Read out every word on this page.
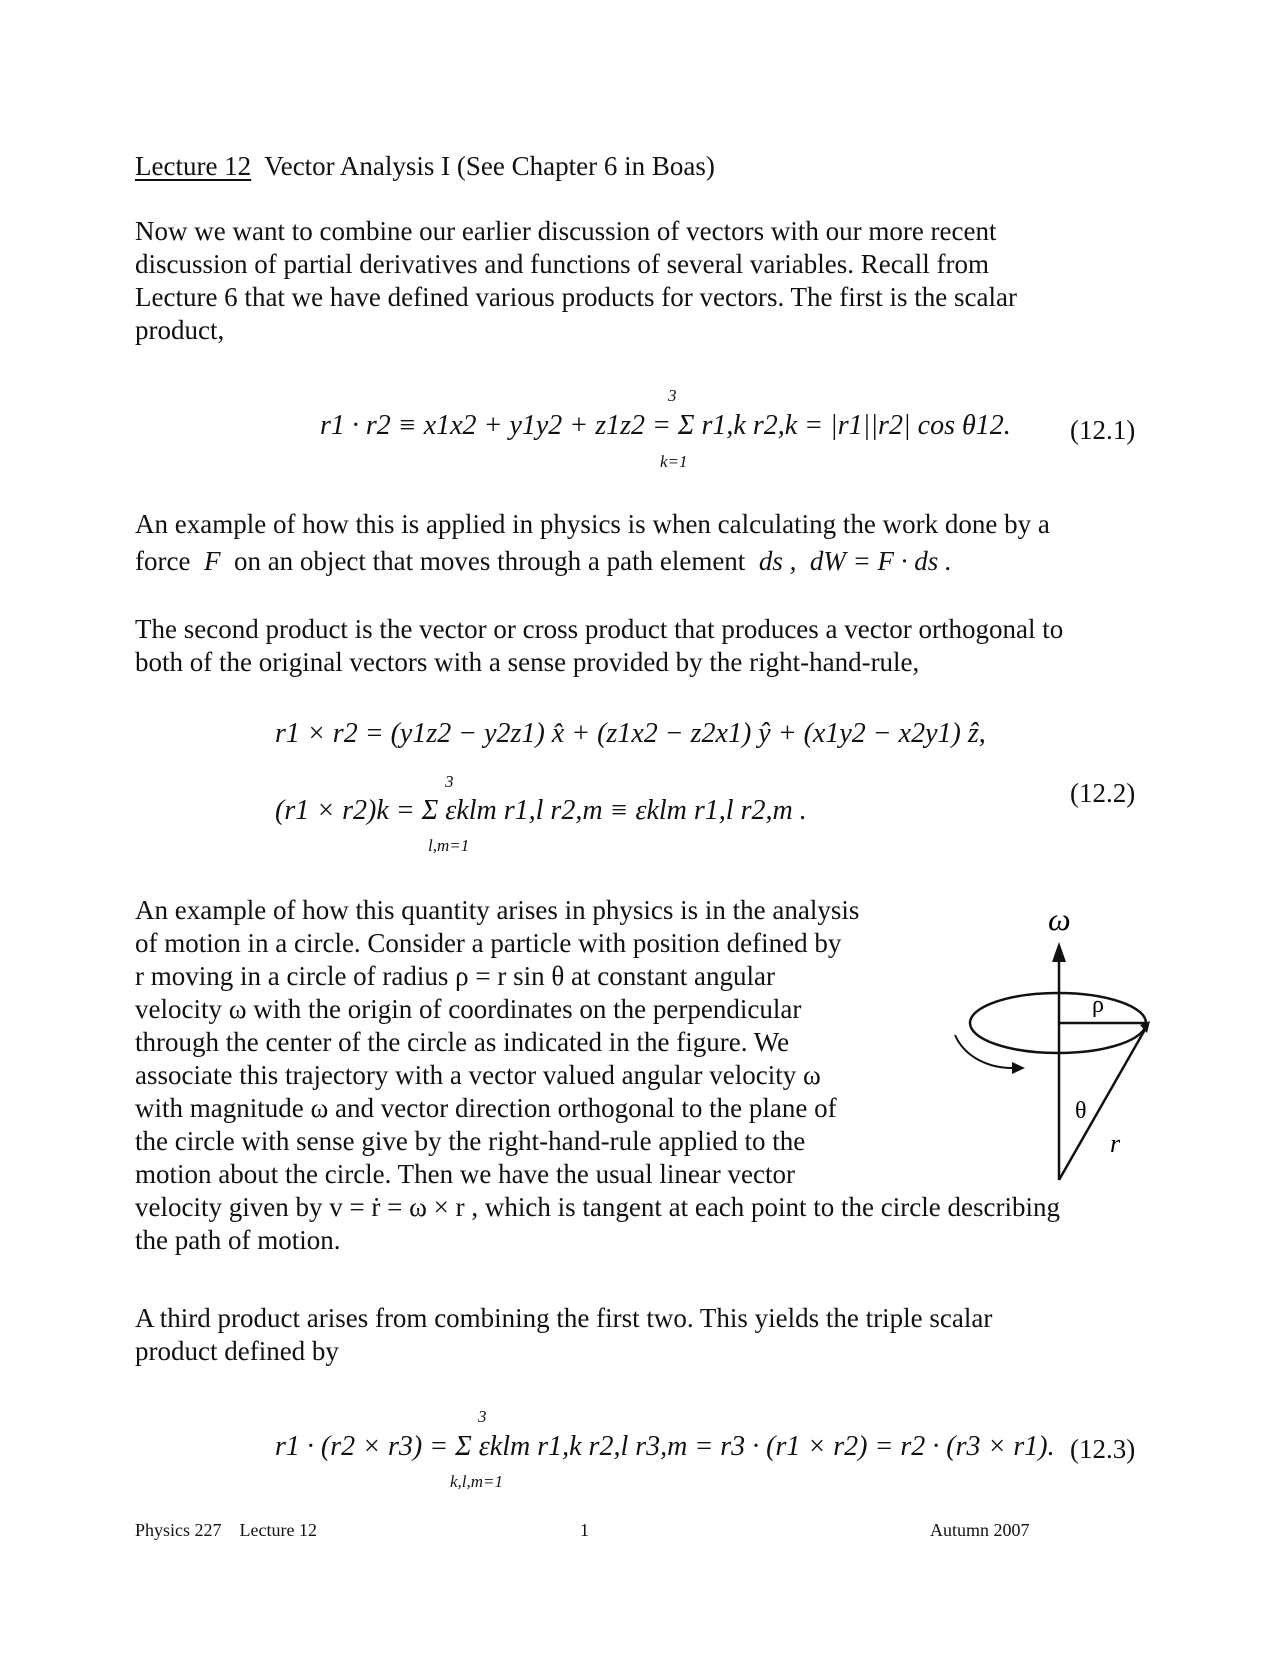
Lecture 12 Vector Analysis I (See Chapter 6 in Boas)
Now we want to combine our earlier discussion of vectors with our more recent
discussion of partial derivatives and functions of several variables. Recall from
Lecture 6 that we have defined various products for vectors. The first is the scalar
product,
3
r1 · r2 ≡ x1x2 + y1y2 + z1z2 = Σ r1,k r2,k = |r1||r2| cos θ12.
k=1
(12.1)
An example of how this is applied in physics is when calculating the work done by a
force  F  on an object that moves through a path element  ds ,  dW = F · ds .
The second product is the vector or cross product that produces a vector orthogonal to
both of the original vectors with a sense provided by the right-hand-rule,
r1 × r2 = (y1z2 − y2z1) x̂ + (z1x2 − z2x1) ŷ + (x1y2 − x2y1) ẑ,
3
(r1 × r2)k = Σ εklm r1,l r2,m ≡ εklm r1,l r2,m .
l,m=1
(12.2)
An example of how this quantity arises in physics is in the analysis
of motion in a circle. Consider a particle with position defined by
r moving in a circle of radius ρ = r sin θ at constant angular
velocity ω with the origin of coordinates on the perpendicular
through the center of the circle as indicated in the figure. We
associate this trajectory with a vector valued angular velocity ω
with magnitude ω and vector direction orthogonal to the plane of
the circle with sense give by the right-hand-rule applied to the
motion about the circle. Then we have the usual linear vector
velocity given by v = ṙ = ω × r , which is tangent at each point to the circle describing
the path of motion.
ω
ρ
θ
r
A third product arises from combining the first two. This yields the triple scalar
product defined by
3
r1 · (r2 × r3) = Σ εklm r1,k r2,l r3,m = r3 · (r1 × r2) = r2 · (r3 × r1).
k,l,m=1
(12.3)
Physics 227    Lecture 12	1	Autumn 2007
